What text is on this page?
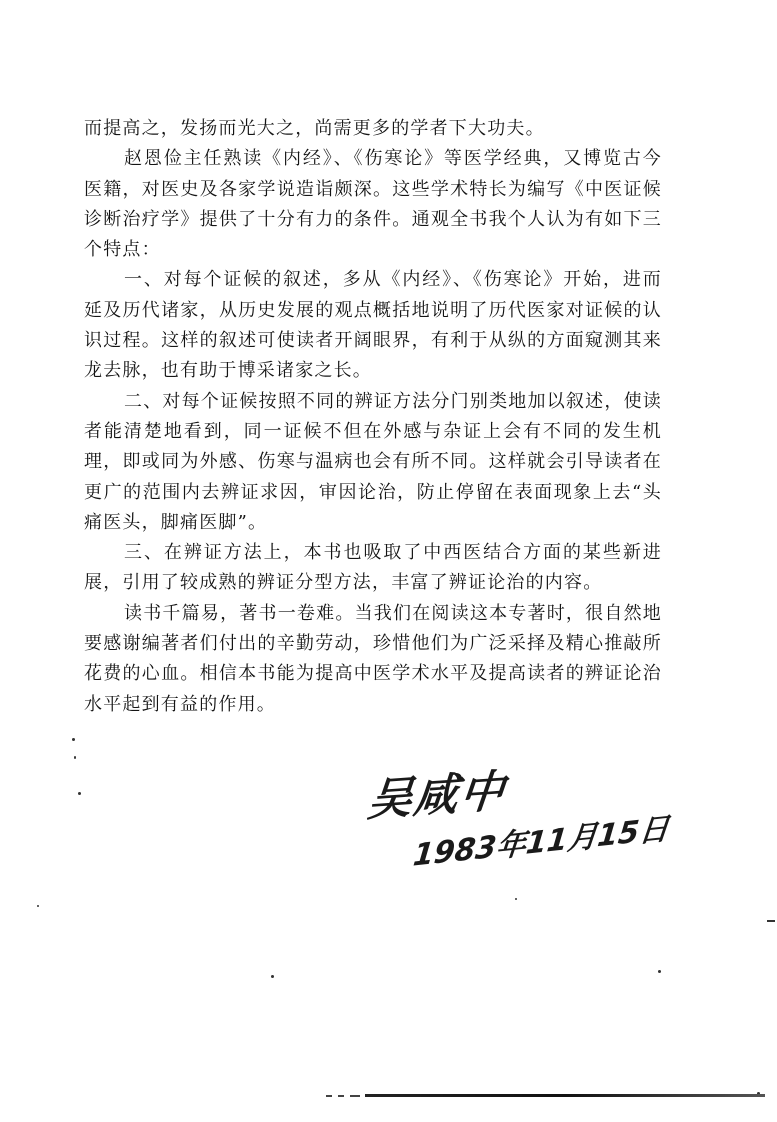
而提高之，发扬而光大之，尚需更多的学者下大功夫。

赵恩俭主任熟读《内经》、《伤寒论》等医学经典，又博览古今医籍，对医史及各家学说造诣颇深。这些学术特长为编写《中医证候诊断治疗学》提供了十分有力的条件。通观全书我个人认为有如下三个特点：

一、对每个证候的叙述，多从《内经》、《伤寒论》开始，进而延及历代诸家，从历史发展的观点概括地说明了历代医家对证候的认识过程。这样的叙述可使读者开阔眼界，有利于从纵的方面窥测其来龙去脉，也有助于博采诸家之长。

二、对每个证候按照不同的辨证方法分门别类地加以叙述，使读者能清楚地看到，同一证候不但在外感与杂证上会有不同的发生机理，即或同为外感、伤寒与温病也会有所不同。这样就会引导读者在更广的范围内去辨证求因，审因论治，防止停留在表面现象上去“头痛医头，脚痛医脚”。

三、在辨证方法上，本书也吸取了中西医结合方面的某些新进展，引用了较成熟的辨证分型方法，丰富了辨证论治的内容。

读书千篇易，著书一卷难。当我们在阅读这本专著时，很自然地要感谢编著者们付出的辛勤劳动，珍惜他们为广泛采择及精心推敲所花费的心血。相信本书能为提高中医学术水平及提高读者的辨证论治水平起到有益的作用。

吴咸中
1983年11月15日
